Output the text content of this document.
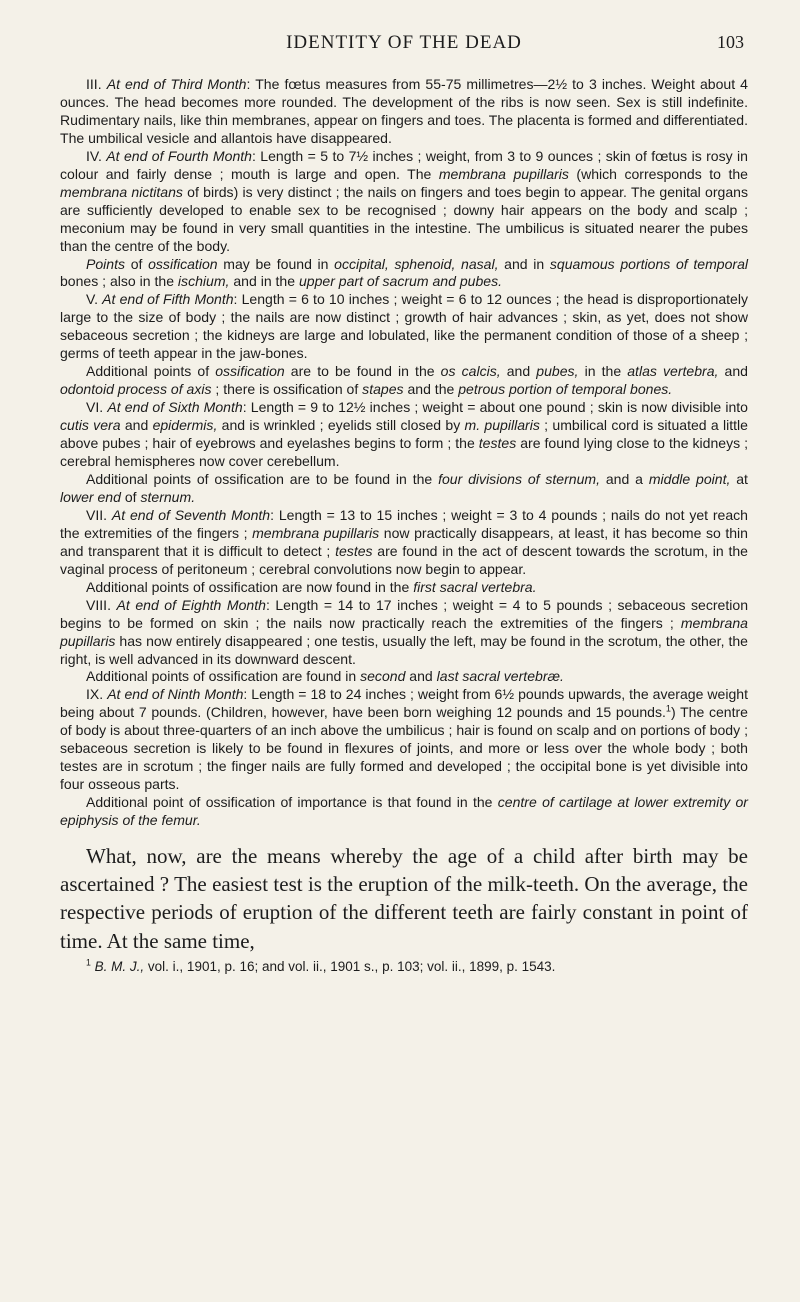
IDENTITY OF THE DEAD	103

III. At end of Third Month: The fœtus measures from 55-75 millimetres—2½ to 3 inches. Weight about 4 ounces. The head becomes more rounded. The development of the ribs is now seen. Sex is still indefinite. Rudimentary nails, like thin membranes, appear on fingers and toes. The placenta is formed and differentiated. The umbilical vesicle and allantois have disappeared.

IV. At end of Fourth Month: Length = 5 to 7½ inches ; weight, from 3 to 9 ounces ; skin of fœtus is rosy in colour and fairly dense ; mouth is large and open. The membrana pupillaris (which corresponds to the membrana nictitans of birds) is very distinct ; the nails on fingers and toes begin to appear. The genital organs are sufficiently developed to enable sex to be recognised ; downy hair appears on the body and scalp ; meconium may be found in very small quantities in the intestine. The umbilicus is situated nearer the pubes than the centre of the body.

Points of ossification may be found in occipital, sphenoid, nasal, and in squamous portions of temporal bones ; also in the ischium, and in the upper part of sacrum and pubes.

V. At end of Fifth Month: Length = 6 to 10 inches ; weight = 6 to 12 ounces ; the head is disproportionately large to the size of body ; the nails are now distinct ; growth of hair advances ; skin, as yet, does not show sebaceous secretion ; the kidneys are large and lobulated, like the permanent condition of those of a sheep ; germs of teeth appear in the jaw-bones.

Additional points of ossification are to be found in the os calcis, and pubes, in the atlas vertebra, and odontoid process of axis ; there is ossification of stapes and the petrous portion of temporal bones.

VI. At end of Sixth Month: Length = 9 to 12½ inches ; weight = about one pound ; skin is now divisible into cutis vera and epidermis, and is wrinkled ; eyelids still closed by m. pupillaris ; umbilical cord is situated a little above pubes ; hair of eyebrows and eyelashes begins to form ; the testes are found lying close to the kidneys ; cerebral hemispheres now cover cerebellum.

Additional points of ossification are to be found in the four divisions of sternum, and a middle point, at lower end of sternum.

VII. At end of Seventh Month: Length = 13 to 15 inches ; weight = 3 to 4 pounds ; nails do not yet reach the extremities of the fingers ; membrana pupillaris now practically disappears, at least, it has become so thin and transparent that it is difficult to detect ; testes are found in the act of descent towards the scrotum, in the vaginal process of peritoneum ; cerebral convolutions now begin to appear.

Additional points of ossification are now found in the first sacral vertebra.

VIII. At end of Eighth Month: Length = 14 to 17 inches ; weight = 4 to 5 pounds ; sebaceous secretion begins to be formed on skin ; the nails now practically reach the extremities of the fingers ; membrana pupillaris has now entirely disappeared ; one testis, usually the left, may be found in the scrotum, the other, the right, is well advanced in its downward descent.

Additional points of ossification are found in second and last sacral vertebræ.

IX. At end of Ninth Month: Length = 18 to 24 inches ; weight from 6½ pounds upwards, the average weight being about 7 pounds. (Children, however, have been born weighing 12 pounds and 15 pounds.$^1$) The centre of body is about three-quarters of an inch above the umbilicus ; hair is found on scalp and on portions of body ; sebaceous secretion is likely to be found in flexures of joints, and more or less over the whole body ; both testes are in scrotum ; the finger nails are fully formed and developed ; the occipital bone is yet divisible into four osseous parts.

Additional point of ossification of importance is that found in the centre of cartilage at lower extremity or epiphysis of the femur.

What, now, are the means whereby the age of a child after birth may be ascertained ? The easiest test is the eruption of the milk-teeth. On the average, the respective periods of eruption of the different teeth are fairly constant in point of time. At the same time,

$^1$ B. M. J., vol. i., 1901, p. 16; and vol. ii., 1901 s., p. 103; vol. ii., 1899, p. 1543.
